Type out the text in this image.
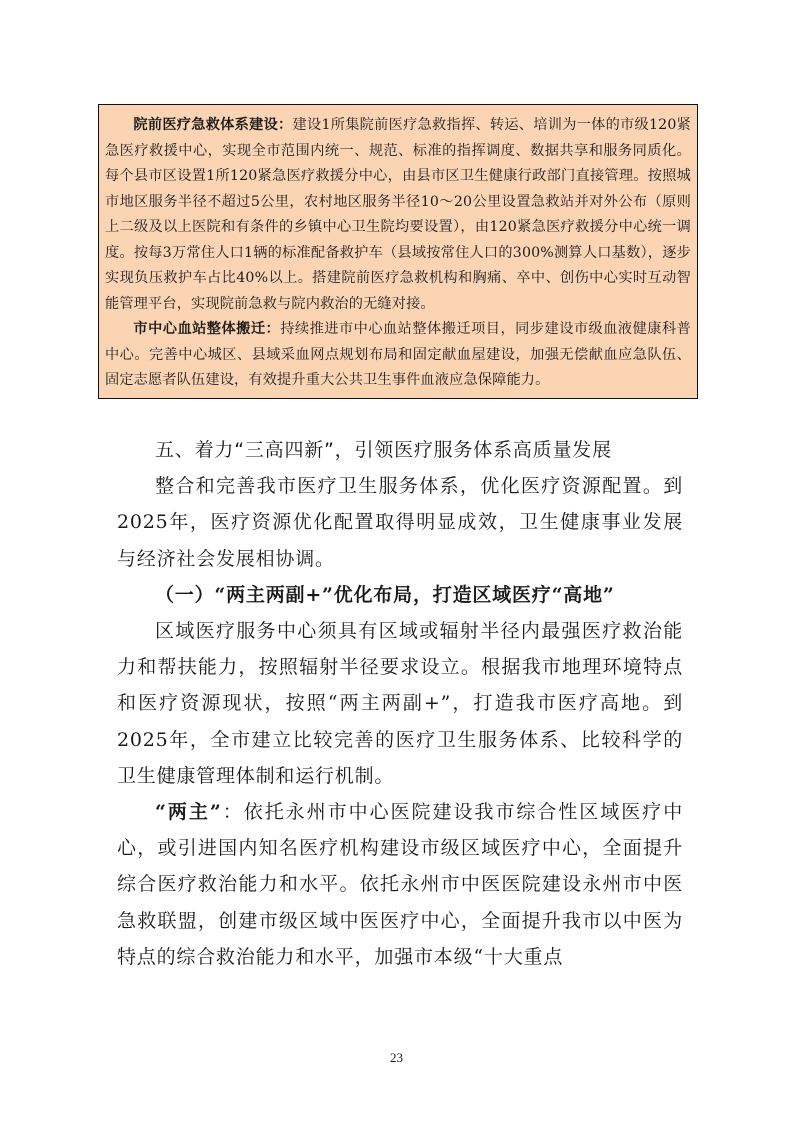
院前医疗急救体系建设：建设1所集院前医疗急救指挥、转运、培训为一体的市级120紧急医疗救援中心，实现全市范围内统一、规范、标准的指挥调度、数据共享和服务同质化。每个县市区设置1所120紧急医疗救援分中心，由县市区卫生健康行政部门直接管理。按照城市地区服务半径不超过5公里，农村地区服务半径10～20公里设置急救站并对外公布（原则上二级及以上医院和有条件的乡镇中心卫生院均要设置），由120紧急医疗救援分中心统一调度。按每3万常住人口1辆的标准配备救护车（县域按常住人口的300%测算人口基数），逐步实现负压救护车占比40%以上。搭建院前医疗急救机构和胸痛、卒中、创伤中心实时互动智能管理平台，实现院前急救与院内救治的无缝对接。

市中心血站整体搬迁：持续推进市中心血站整体搬迁项目，同步建设市级血液健康科普中心。完善中心城区、县域采血网点规划布局和固定献血屋建设，加强无偿献血应急队伍、固定志愿者队伍建设，有效提升重大公共卫生事件血液应急保障能力。

五、着力“三高四新”，引领医疗服务体系高质量发展

整合和完善我市医疗卫生服务体系，优化医疗资源配置。到2025年，医疗资源优化配置取得明显成效，卫生健康事业发展与经济社会发展相协调。

（一）“两主两副+”优化布局，打造区域医疗“高地”

区域医疗服务中心须具有区域或辐射半径内最强医疗救治能力和帮扶能力，按照辐射半径要求设立。根据我市地理环境特点和医疗资源现状，按照“两主两副+”，打造我市医疗高地。到2025年，全市建立比较完善的医疗卫生服务体系、比较科学的卫生健康管理体制和运行机制。

“两主”：依托永州市中心医院建设我市综合性区域医疗中心，或引进国内知名医疗机构建设市级区域医疗中心，全面提升综合医疗救治能力和水平。依托永州市中医医院建设永州市中医急救联盟，创建市级区域中医医疗中心，全面提升我市以中医为特点的综合救治能力和水平，加强市本级“十大重点

23
